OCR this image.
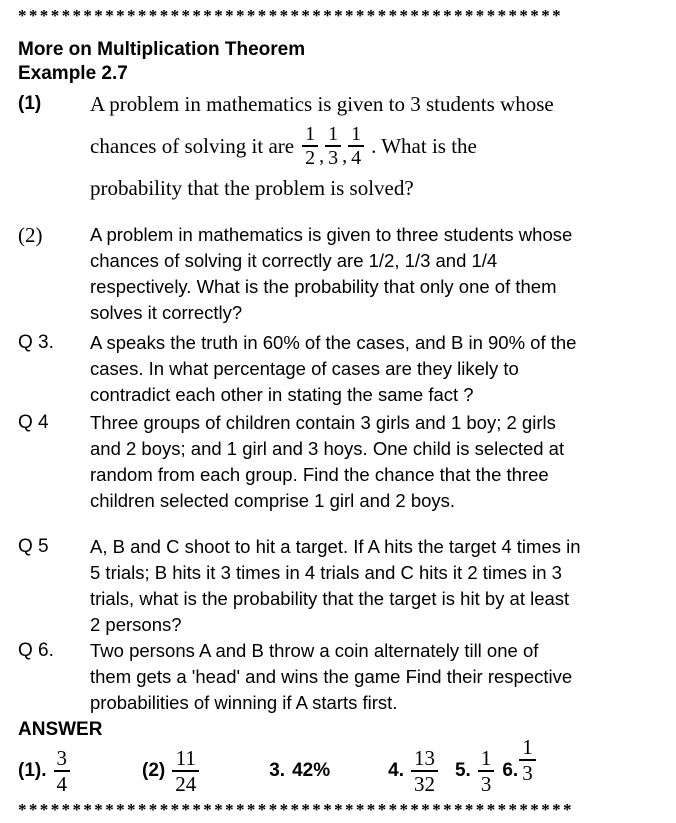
**************************************************
More on Multiplication Theorem
Example 2.7
(1)	A problem in mathematics is given to 3 students whose
chances of solving it are $\frac{1}{2}$ , $\frac{1}{3}$ , $\frac{1}{4}$ . What is the
probability that the problem is solved?
(2)	A problem in mathematics is given to three students whose
chances of solving it correctly are 1/2, 1/3 and 1/4
respectively. What is the probability that only one of them
solves it correctly?
Q 3.	A speaks the truth in 60% of the cases, and B in 90% of the
cases. In what percentage of cases are they likely to
contradict each other in stating the same fact ?
Q 4	Three groups of children contain 3 girls and 1 boy; 2 girls
and 2 boys; and 1 girl and 3 hoys. One child is selected at
random from each group. Find the chance that the three
children selected comprise 1 girl and 2 boys.
Q 5	A, B and C shoot to hit a target. If A hits the target 4 times in
5 trials; B hits it 3 times in 4 trials and C hits it 2 times in 3
trials, what is the probability that the target is hit by at least
2 persons?
Q 6.	Two persons A and B throw a coin alternately till one of
them gets a 'head' and wins the game Find their respective
probabilities of winning if A starts first.
ANSWER
(1). $\frac{3}{4}$	$(2) \frac{11}{24}$	3. 42%	4. $\frac{13}{32} 5$. $\frac{1}{3} 6$. $\frac{1}{3}$
***************************************************
